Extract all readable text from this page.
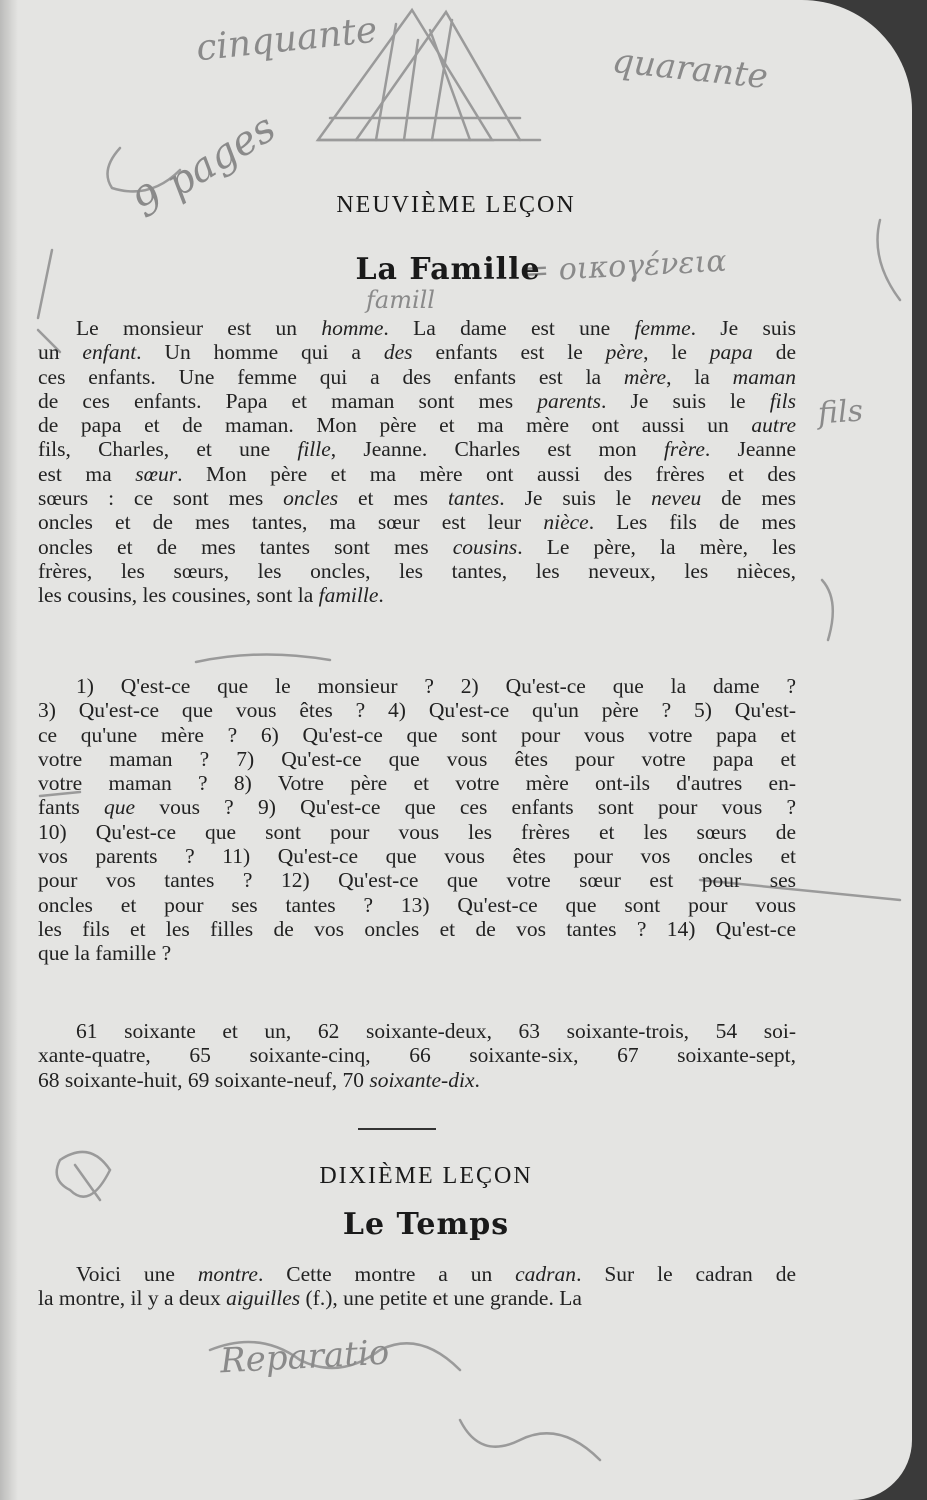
cinquante	quarante
9 pages
= οικογένεια
famill
fils
Reparatio
NEUVIÈME LEÇON
La Famille
Le monsieur est un homme. La dame est une femme. Je suis
un enfant. Un homme qui a des enfants est le père, le papa de
ces enfants. Une femme qui a des enfants est la mère, la maman
de ces enfants. Papa et maman sont mes parents. Je suis le fils
de papa et de maman. Mon père et ma mère ont aussi un autre
fils, Charles, et une fille, Jeanne. Charles est mon frère. Jeanne
est ma sœur. Mon père et ma mère ont aussi des frères et des
sœurs : ce sont mes oncles et mes tantes. Je suis le neveu de mes
oncles et de mes tantes, ma sœur est leur nièce. Les fils de mes
oncles et de mes tantes sont mes cousins. Le père, la mère, les
frères, les sœurs, les oncles, les tantes, les neveux, les nièces,
les cousins, les cousines, sont la famille.
1) Q'est-ce que le monsieur ? 2) Qu'est-ce que la dame ?
3) Qu'est-ce que vous êtes ? 4) Qu'est-ce qu'un père ? 5) Qu'est-
ce qu'une mère ? 6) Qu'est-ce que sont pour vous votre papa et
votre maman ? 7) Qu'est-ce que vous êtes pour votre papa et
votre maman ? 8) Votre père et votre mère ont-ils d'autres en-
fants que vous ? 9) Qu'est-ce que ces enfants sont pour vous ?
10) Qu'est-ce que sont pour vous les frères et les sœurs de
vos parents ? 11) Qu'est-ce que vous êtes pour vos oncles et
pour vos tantes ? 12) Qu'est-ce que votre sœur est pour ses
oncles et pour ses tantes ? 13) Qu'est-ce que sont pour vous
les fils et les filles de vos oncles et de vos tantes ? 14) Qu'est-ce
que la famille ?
61 soixante et un, 62 soixante-deux, 63 soixante-trois, 54 soi-
xante-quatre, 65 soixante-cinq, 66 soixante-six, 67 soixante-sept,
68 soixante-huit, 69 soixante-neuf, 70 soixante-dix.
DIXIÈME LEÇON
Le Temps
Voici une montre. Cette montre a un cadran. Sur le cadran de
la montre, il y a deux aiguilles (f.), une petite et une grande. La
